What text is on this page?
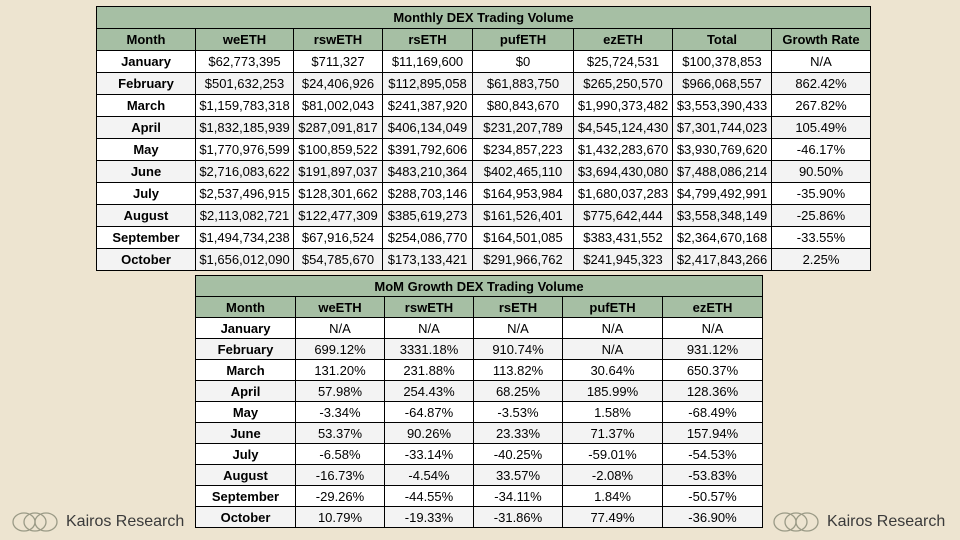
Monthly DEX Trading Volume							
Month	weETH	rswETH	rsETH	pufETH	ezETH	Total	Growth Rate
January	$62,773,395	$711,327	$11,169,600	$0	$25,724,531	$100,378,853	N/A
February	$501,632,253	$24,406,926	$112,895,058	$61,883,750	$265,250,570	$966,068,557	862.42%
March	$1,159,783,318	$81,002,043	$241,387,920	$80,843,670	$1,990,373,482	$3,553,390,433	267.82%
April	$1,832,185,939	$287,091,817	$406,134,049	$231,207,789	$4,545,124,430	$7,301,744,023	105.49%
May	$1,770,976,599	$100,859,522	$391,792,606	$234,857,223	$1,432,283,670	$3,930,769,620	-46.17%
June	$2,716,083,622	$191,897,037	$483,210,364	$402,465,110	$3,694,430,080	$7,488,086,214	90.50%
July	$2,537,496,915	$128,301,662	$288,703,146	$164,953,984	$1,680,037,283	$4,799,492,991	-35.90%
August	$2,113,082,721	$122,477,309	$385,619,273	$161,526,401	$775,642,444	$3,558,348,149	-25.86%
September	$1,494,734,238	$67,916,524	$254,086,770	$164,501,085	$383,431,552	$2,364,670,168	-33.55%
October	$1,656,012,090	$54,785,670	$173,133,421	$291,966,762	$241,945,323	$2,417,843,266	2.25%
MoM Growth DEX Trading Volume					
Month	weETH	rswETH	rsETH	pufETH	ezETH
January	N/A	N/A	N/A	N/A	N/A
February	699.12%	3331.18%	910.74%	N/A	931.12%
March	131.20%	231.88%	113.82%	30.64%	650.37%
April	57.98%	254.43%	68.25%	185.99%	128.36%
May	-3.34%	-64.87%	-3.53%	1.58%	-68.49%
June	53.37%	90.26%	23.33%	71.37%	157.94%
July	-6.58%	-33.14%	-40.25%	-59.01%	-54.53%
August	-16.73%	-4.54%	33.57%	-2.08%	-53.83%
September	-29.26%	-44.55%	-34.11%	1.84%	-50.57%
October	10.79%	-19.33%	-31.86%	77.49%	-36.90%
Kairos Research	Kairos Research
